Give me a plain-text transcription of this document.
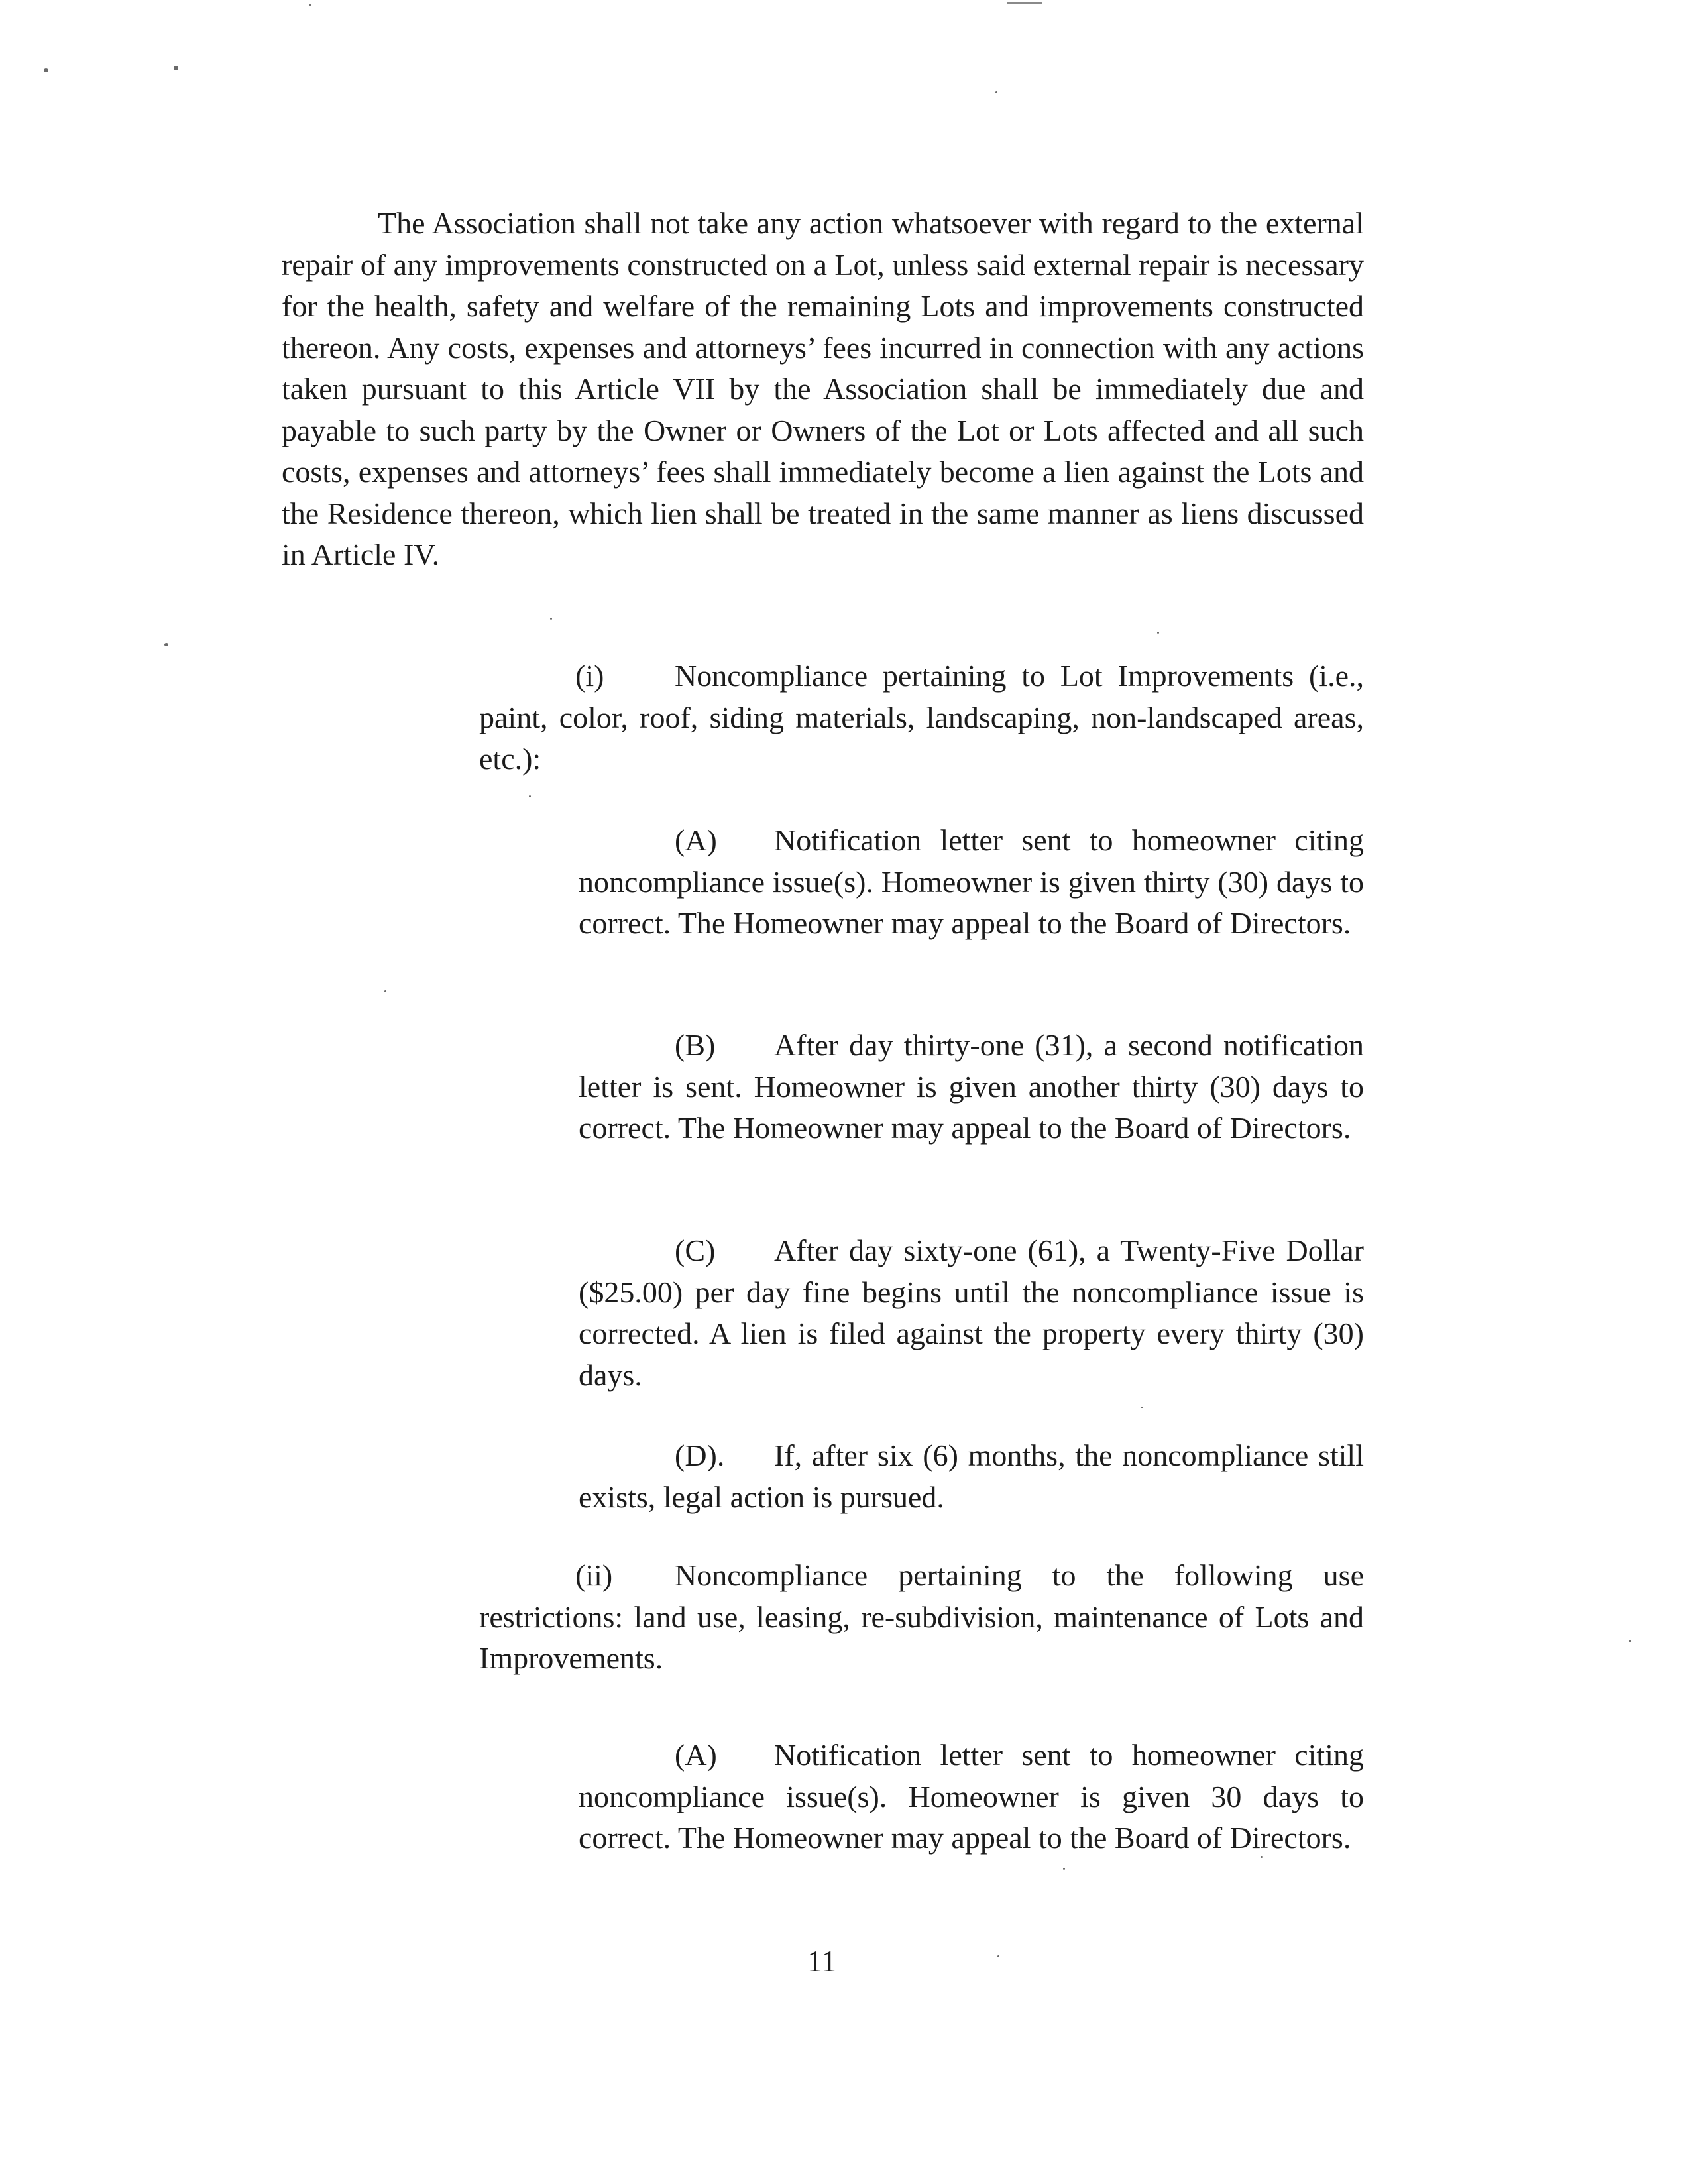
The Association shall not take any action whatsoever with regard to the external repair of any improvements constructed on a Lot, unless said external repair is necessary for the health, safety and welfare of the remaining Lots and improvements constructed thereon. Any costs, expenses and attorneys’ fees incurred in connection with any actions taken pursuant to this Article VII by the Association shall be immediately due and payable to such party by the Owner or Owners of the Lot or Lots affected and all such costs, expenses and attorneys’ fees shall immediately become a lien against the Lots and the Residence thereon, which lien shall be treated in the same manner as liens discussed in Article IV.

(i) Noncompliance pertaining to Lot Improvements (i.e., paint, color, roof, siding materials, landscaping, non-landscaped areas, etc.):

(A) Notification letter sent to homeowner citing noncompliance issue(s). Homeowner is given thirty (30) days to correct. The Homeowner may appeal to the Board of Directors.

(B) After day thirty-one (31), a second notification letter is sent. Homeowner is given another thirty (30) days to correct. The Homeowner may appeal to the Board of Directors.

(C) After day sixty-one (61), a Twenty-Five Dollar ($25.00) per day fine begins until the noncompliance issue is corrected. A lien is filed against the property every thirty (30) days.

(D). If, after six (6) months, the noncompliance still exists, legal action is pursued.

(ii) Noncompliance pertaining to the following use restrictions: land use, leasing, re-subdivision, maintenance of Lots and Improvements.

(A) Notification letter sent to homeowner citing noncompliance issue(s). Homeowner is given 30 days to correct. The Homeowner may appeal to the Board of Directors.

11
